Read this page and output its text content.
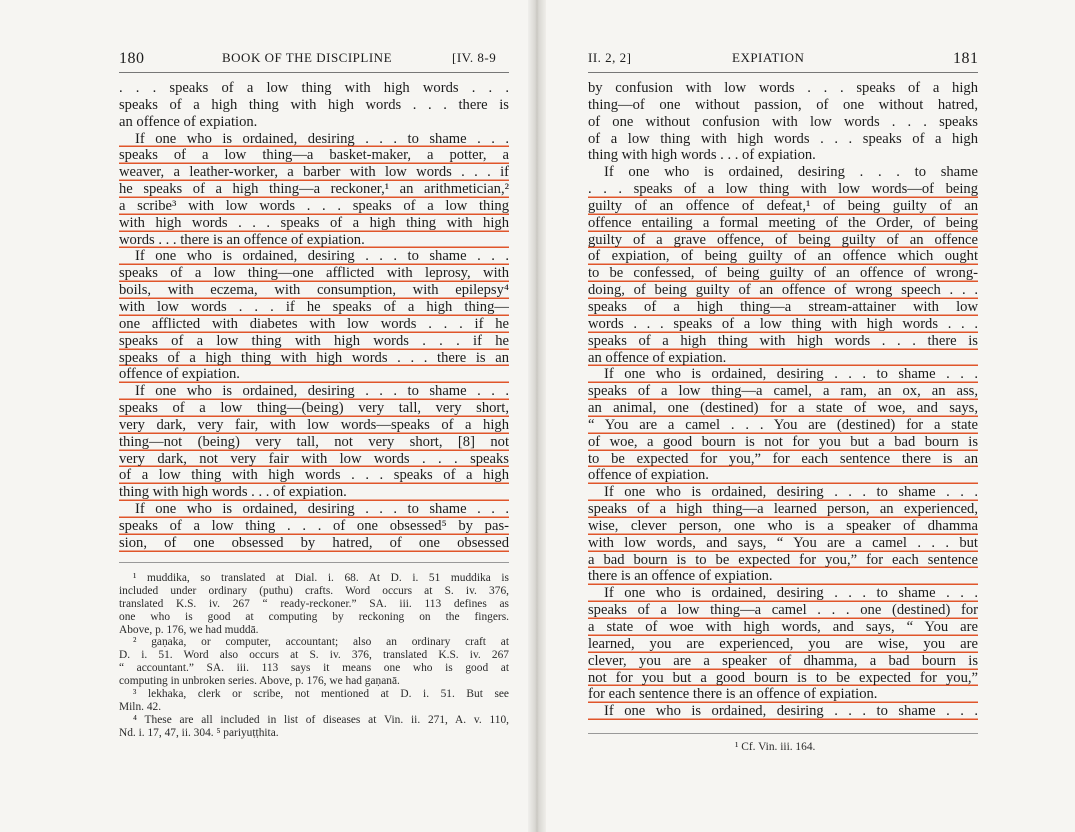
180	BOOK OF THE DISCIPLINE	[IV. 8-9
. . . speaks of a low thing with high words . . .
speaks of a high thing with high words . . . there is
an offence of expiation.
If one who is ordained, desiring . . . to shame . . .
speaks of a low thing—a basket-maker, a potter, a
weaver, a leather-worker, a barber with low words . . . if
he speaks of a high thing—a reckoner,¹ an arithmetician,²
a scribe³ with low words . . . speaks of a low thing
with high words . . . speaks of a high thing with high
words . . . there is an offence of expiation.
If one who is ordained, desiring . . . to shame . . .
speaks of a low thing—one afflicted with leprosy, with
boils, with eczema, with consumption, with epilepsy⁴
with low words . . . if he speaks of a high thing—
one afflicted with diabetes with low words . . . if he
speaks of a low thing with high words . . . if he
speaks of a high thing with high words . . . there is an
offence of expiation.
If one who is ordained, desiring . . . to shame . . .
speaks of a low thing—(being) very tall, very short,
very dark, very fair, with low words—speaks of a high
thing—not (being) very tall, not very short, [8] not
very dark, not very fair with low words . . . speaks
of a low thing with high words . . . speaks of a high
thing with high words . . . of expiation.
If one who is ordained, desiring . . . to shame . . .
speaks of a low thing . . . of one obsessed⁵ by pas-
sion, of one obsessed by hatred, of one obsessed
¹ muddika, so translated at Dial. i. 68. At D. i. 51 muddika is
included under ordinary (puthu) crafts. Word occurs at S. iv. 376,
translated K.S. iv. 267 “ ready-reckoner.” SA. iii. 113 defines as
one who is good at computing by reckoning on the fingers.
Above, p. 176, we had muddā.
² gaṇaka, or computer, accountant; also an ordinary craft at
D. i. 51. Word also occurs at S. iv. 376, translated K.S. iv. 267
“ accountant.” SA. iii. 113 says it means one who is good at
computing in unbroken series. Above, p. 176, we had gaṇanā.
³ lekhaka, clerk or scribe, not mentioned at D. i. 51. But see
Miln. 42.
⁴ These are all included in list of diseases at Vin. ii. 271, A. v. 110,
Nd. i. 17, 47, ii. 304. ⁵ pariyuṭṭhita.
II. 2, 2]	EXPIATION	181
by confusion with low words . . . speaks of a high
thing—of one without passion, of one without hatred,
of one without confusion with low words . . . speaks
of a low thing with high words . . . speaks of a high
thing with high words . . . of expiation.
If one who is ordained, desiring . . . to shame
. . . speaks of a low thing with low words—of being
guilty of an offence of defeat,¹ of being guilty of an
offence entailing a formal meeting of the Order, of being
guilty of a grave offence, of being guilty of an offence
of expiation, of being guilty of an offence which ought
to be confessed, of being guilty of an offence of wrong-
doing, of being guilty of an offence of wrong speech . . .
speaks of a high thing—a stream-attainer with low
words . . . speaks of a low thing with high words . . .
speaks of a high thing with high words . . . there is
an offence of expiation.
If one who is ordained, desiring . . . to shame . . .
speaks of a low thing—a camel, a ram, an ox, an ass,
an animal, one (destined) for a state of woe, and says,
“ You are a camel . . . You are (destined) for a state
of woe, a good bourn is not for you but a bad bourn is
to be expected for you,” for each sentence there is an
offence of expiation.
If one who is ordained, desiring . . . to shame . . .
speaks of a high thing—a learned person, an experienced,
wise, clever person, one who is a speaker of dhamma
with low words, and says, “ You are a camel . . . but
a bad bourn is to be expected for you,” for each sentence
there is an offence of expiation.
If one who is ordained, desiring . . . to shame . . .
speaks of a low thing—a camel . . . one (destined) for
a state of woe with high words, and says, “ You are
learned, you are experienced, you are wise, you are
clever, you are a speaker of dhamma, a bad bourn is
not for you but a good bourn is to be expected for you,”
for each sentence there is an offence of expiation.
If one who is ordained, desiring . . . to shame . . .
¹ Cf. Vin. iii. 164.
